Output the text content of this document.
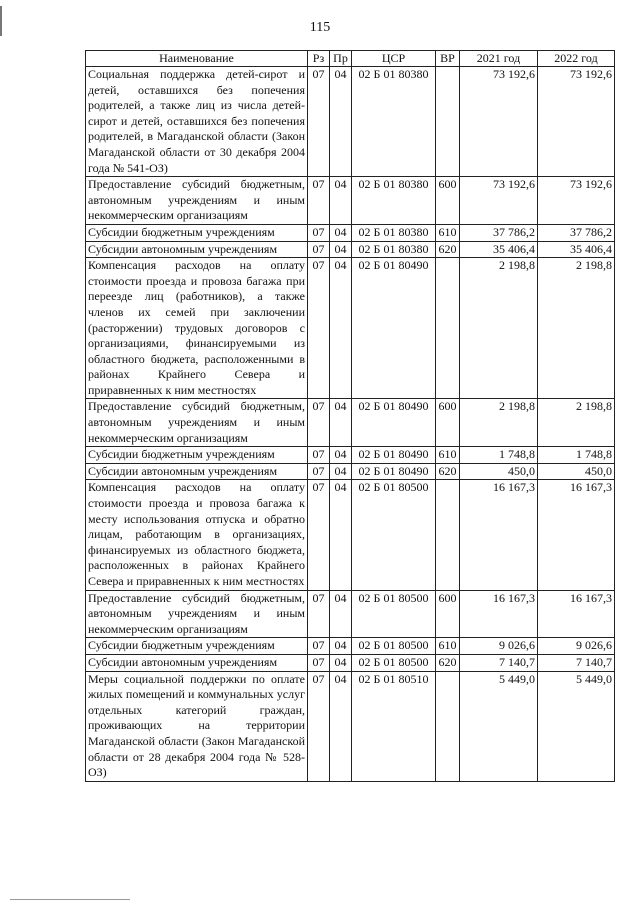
115
Наименование	Рз	Пр	ЦСР	ВР	2021 год	2022 год
Социальная поддержка детей-сирот и детей, оставшихся без попечения родителей, а также лиц из числа детей-сирот и детей, оставшихся без попечения родителей, в Магаданской области (Закон Магаданской области от 30 декабря 2004 года № 541-ОЗ)	07	04	02 Б 01 80380		73 192,6	73 192,6
Предоставление субсидий бюджетным, автономным учреждениям и иным некоммерческим организациям	07	04	02 Б 01 80380	600	73 192,6	73 192,6
Субсидии бюджетным учреждениям	07	04	02 Б 01 80380	610	37 786,2	37 786,2
Субсидии автономным учреждениям	07	04	02 Б 01 80380	620	35 406,4	35 406,4
Компенсация расходов на оплату стоимости проезда и провоза багажа при переезде лиц (работников), а также членов их семей при заключении (расторжении) трудовых договоров с организациями, финансируемыми из областного бюджета, расположенными в районах Крайнего Севера и приравненных к ним местностях	07	04	02 Б 01 80490		2 198,8	2 198,8
Предоставление субсидий бюджетным, автономным учреждениям и иным некоммерческим организациям	07	04	02 Б 01 80490	600	2 198,8	2 198,8
Субсидии бюджетным учреждениям	07	04	02 Б 01 80490	610	1 748,8	1 748,8
Субсидии автономным учреждениям	07	04	02 Б 01 80490	620	450,0	450,0
Компенсация расходов на оплату стоимости проезда и провоза багажа к месту использования отпуска и обратно лицам, работающим в организациях, финансируемых из областного бюджета, расположенных в районах Крайнего Севера и приравненных к ним местностях	07	04	02 Б 01 80500		16 167,3	16 167,3
Предоставление субсидий бюджетным, автономным учреждениям и иным некоммерческим организациям	07	04	02 Б 01 80500	600	16 167,3	16 167,3
Субсидии бюджетным учреждениям	07	04	02 Б 01 80500	610	9 026,6	9 026,6
Субсидии автономным учреждениям	07	04	02 Б 01 80500	620	7 140,7	7 140,7
Меры социальной поддержки по оплате жилых помещений и коммунальных услуг отдельных категорий граждан, проживающих на территории Магаданской области (Закон Магаданской области от 28 декабря 2004 года № 528-ОЗ)	07	04	02 Б 01 80510		5 449,0	5 449,0
